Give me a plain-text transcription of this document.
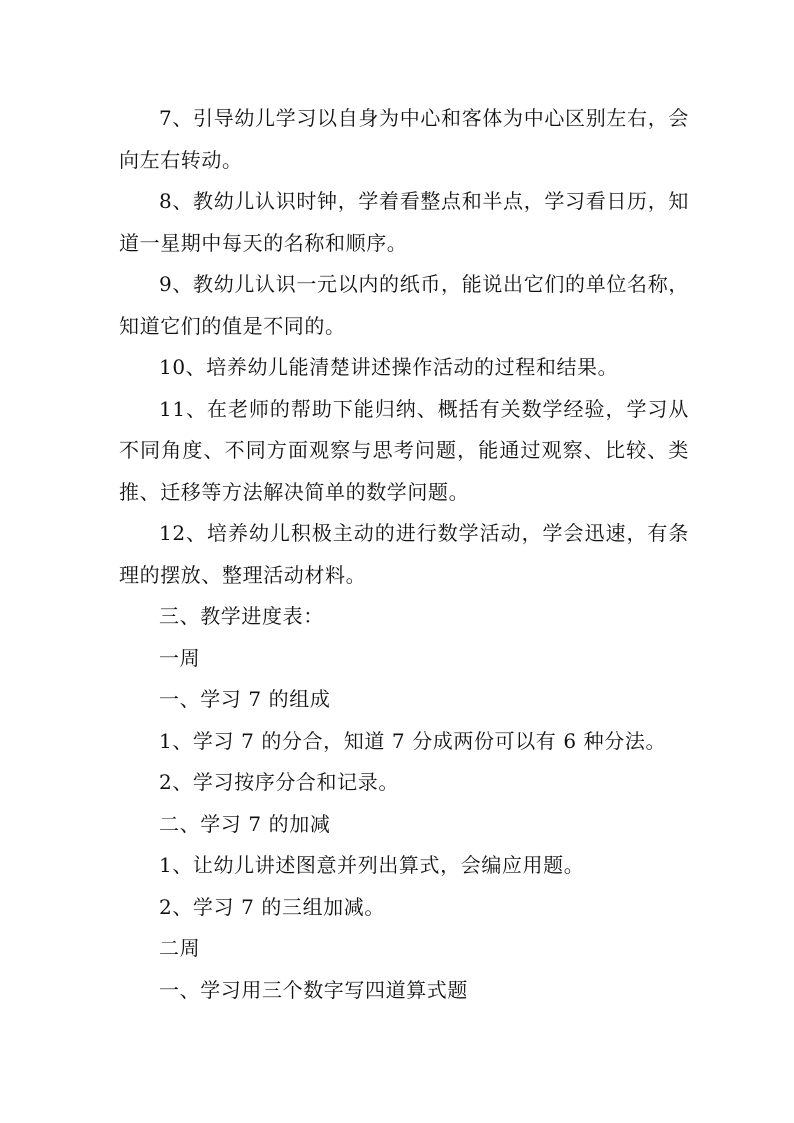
7、引导幼儿学习以自身为中心和客体为中心区别左右，会向左右转动。

8、教幼儿认识时钟，学着看整点和半点，学习看日历，知道一星期中每天的名称和顺序。

9、教幼儿认识一元以内的纸币，能说出它们的单位名称，知道它们的值是不同的。

10、培养幼儿能清楚讲述操作活动的过程和结果。

11、在老师的帮助下能归纳、概括有关数学经验，学习从不同角度、不同方面观察与思考问题，能通过观察、比较、类推、迁移等方法解决简单的数学问题。

12、培养幼儿积极主动的进行数学活动，学会迅速，有条理的摆放、整理活动材料。

三、教学进度表：

一周

一、学习 7 的组成

1、学习 7 的分合，知道 7 分成两份可以有 6 种分法。

2、学习按序分合和记录。

二、学习 7 的加减

1、让幼儿讲述图意并列出算式，会编应用题。

2、学习 7 的三组加减。

二周

一、学习用三个数字写四道算式题
